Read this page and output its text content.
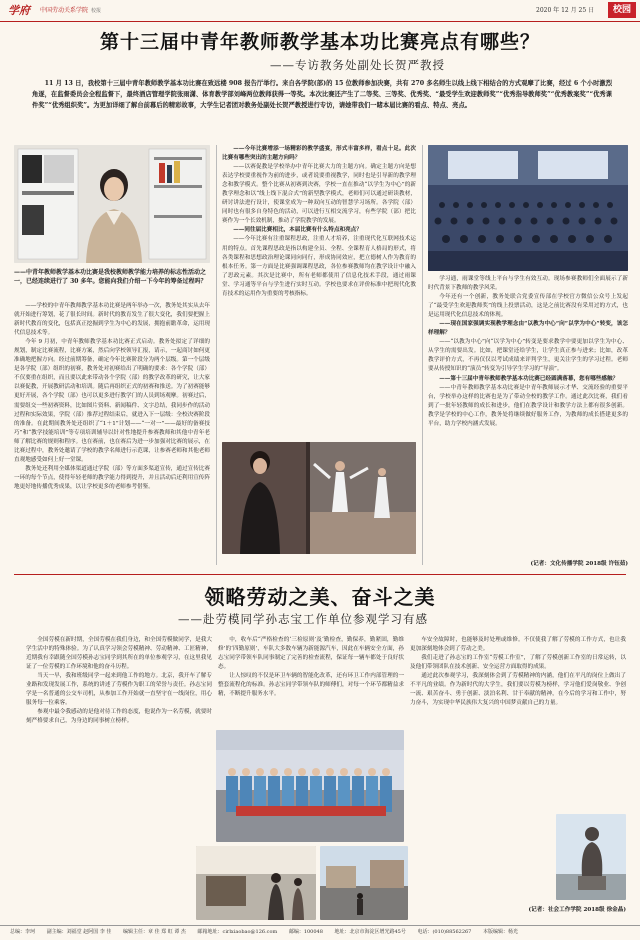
学府 中国劳动关系学院 校报	2020 年 12 月 25 日	校园
第十三届中青年教师教学基本功比赛亮点有哪些？
——专访教务处副处长贺严教授
11 月 13 日，我校第十三届中青年教师教学基本功比赛在致远楼 908 报告厅举行。来自各学院(部)的 15 位教师参加决赛，共有 270 多名师生以线上线下相结合的方式观摩了比赛，经过 6 个小时激烈角逐，在监督委员会全程监督下，最终酒店管理学院张雨潇、体育教学部刘峰两位教师获得一等奖。本次比赛还产生了二等奖、三等奖、优秀奖、“最受学生欢迎教师奖”“优秀指导教师奖”“优秀教案奖”“优秀课件奖”“优秀组织奖”。为更加详细了解台前幕后的精彩故事，大学生记者团对教务处副处长贺严教授进行专访，请她带我们一睹本届比赛的看点、特点、亮点。
——中青年教师教学基本功比赛是我校教师教学能力培养的标志性活动之一，已经连续进行了 30 多年。您能向我们介绍一下今年的筹备过程吗？

——学校的中青年教师教学基本功比赛是两年举办一次，教务处其实从去年就开始进行筹划，花了很长时间。新时代的教育发生了很大变化，我们要把握上新时代教育的变化，包括真正挖掘到学生为中心的发展，拥抱前瞻革命，运用现代信息技术等。

今年 9 月初，中青年教师教学基本功比赛正式启动。教务处拟定了详细的规划，制定比赛流程，比赛方案，然后向学校领导汇报，请示，一起商讨如何更准确地把握方向。经过前期筹备，确定今年比赛阶段分为两个层级。第一个层级是各学院（部）组织的初赛，教务处对初赛给出了明确的要求：各个学院（部）不仅要重在组织，而且要以此来带动各个学院（部）的教学改革的研究，让大家以赛促教，开展教研活动和培训。随后再组织正式的初赛和推送。为了初赛能够更好开展，各个学院（部）也可以更多进行教学门的人员到场观摩。初赛过后，需要组交一些初赛资料，比如图片资料、新闻稿件、文字总结，我同步作的活动过程和实际效果，学院（部）推荐过程结束后，就进入下一层级：全校决赛阶段的准备。在此期间教务处还组织了“1＋1”计划——“一对一”——最好的备赛技巧”和“教学技能培训”等专项培训辅导以针对性地提升参赛教师和其他中青年老师了解比赛的规则和程序。也在赛前，也在赛后为进一步加强对比赛的展示，在比赛过程中，教务处邀请了学校的教学名师进行示范课，让参赛老师和其他老师直观地感受如何上好一堂课。

教务处还利用全媒体渠道通过学院（部）等方面多渠道宣传，通过宣传比赛一环的每个节点，使得年轻老师的教学能力得到提升，并且活动后还利用宣传阵地更好地传播优秀成果，以让学校更多的老师参考借鉴。

——今年比赛增添一场精彩的教学盛宴，形式丰富多样，看点十足。此次比赛有哪些突出的主题方向吗？

——以赛促教是学校举办中青年比赛大力的主题方向。确定主题方向是想表达学校要重视作为前的进步，或者说要重视教学，同时也是引导新的教学理念和教学模式。整个比赛从初赛到决赛，学校一直在推动“以学生为中心”的新教学理念和以“线上线下混合式”的新型教学模式，老师们可以通过研读教材，研讨讲法进行设计，使课堂成为一种双向互动的智慧学习场所。各学院（部）同时也有很多自身特色的活动，可以进行互相交流学习，有些学院（部）把比赛作为一个长效机制，推动了学院教学的发展。

——同往届比赛相比，本届比赛有什么特点和亮点？

——今年比赛有注重课程思政，注重人才培养，注重现代化互联网技术运用的特点。首先课程思政是指以构建全员、全程、全课程育人格局的形式，将各类课程和思想政治理论课同向同行，形成协同效应，把立德树人作为教育的根本任务。第一方面是比赛强调课程思政，各位参赛教师均在教学设计中融入了思政元素。其次是比赛中，所有老师都使用了信息化技术手段，通过雨课堂、学习通等平台与学生进行实时互动。学校也要求在评价标准中把现代化教育技术的运用作为重要的考核指标。

学习通，雨课堂等线上平台与学生有效互动。现场参赛教师们全面展示了新时代背景下教师的教学风采。

今年还有一个创新，教务处联合党委宣传部在学校官方微信公众号上发起了“最受学生欢迎教师奖”的线上投票活动，这是之前比赛没有采用过的方式，也是运用现代化信息技术的体现。

——现在国家强调实现教学理念由“以教为中心”向“以学为中心”转变，该怎样理解？

——“以教为中心”向“以学为中心”转变是要求教学中要更加以学生为中心、从学生的需要出发。比如，把课堂还给学生，让学生真正参与进来；比如，改革教学评价方式，不再仅仅以考试成绩来评判学生，更关注学生的学习过程。老师要从传授知识的“演员”转变为引导学生学习的“导演”。

——第十三届中青年教师教学基本功比赛已经圆满落幕，您有哪些感触？

——中青年教师教学基本功比赛是中青年教师展示才华、交流经验的重要平台，学校举办这样的比赛也是为了带动全校的教学工作。通过此次比赛，我们看到了一批年轻教师的成长和进步，他们在教学设计和教学方法上都有很多创新。教学是学校的中心工作，教务处将继续做好服务工作，为教师的成长搭建更多的平台，助力学校内涵式发展。

(记者：文化传播学院 2018级 许钰茹)
领略劳动之美、奋斗之美
——赴劳模同学孙志宝工作单位参观学习有感

全国劳模在新时期，全国劳模在我们身边，和全国劳模做同学，是我大学生活中的特殊体验。为了认真学习领会劳模精神、劳动精神、工匠精神，近期我有幸跟随全国劳模孙志宝同学到其所在的单位参观学习，在这里我见证了一位劳模的工作环境和他的奋斗历程。

当天一早，我和班级同学一起来到他工作的地方。北京，我开车了解专业路和发现发展工作，系统的讲述了劳模作为职工的荣誉与责任。孙志宝同学是一名普通的公交车司机，从参加工作开始就一直坚守在一线岗位，用心服务每一位乘客。

参观中最令我感动的是他对待工作的态度，他说作为一名劳模，就要时刻严格要求自己，为身边的同事树立榜样。

中，收车后“严格检查的‘三检原则’及‘勤检查，勤保养，勤紧固，勤维修’的‘四勤原则’，车队大多数车辆为新能源汽车，因此在车辆安全方面，孙志宝同学带领车队同事制定了完善的检查流程，保证每一辆车都处于良好状态。

让人惊叹的不仅是环卫车辆的智能化改革，还有环卫工作内部管理的一整套流程化的标准。孙志宝同学带领车队的师傅们，对每一个环节都精益求精，不断提升服务水平。

车安全故障时，也能够及时处理或维修。不仅使我了解了劳模的工作方式，也让我更加深刻地体会到了劳动之美。

我们走进了孙志宝的工作室“劳模工作室”，了解了劳模创新工作室的日常运转，以及他们带领团队在技术创新、安全运营方面取得的成果。

通过此次参观学习，我深刻体会到了劳模精神的内涵，他们在平凡的岗位上做出了不平凡的业绩。作为新时代的大学生，我们要以劳模为榜样，学习他们爱岗敬业、争创一流、艰苦奋斗、勇于创新、淡泊名利、甘于奉献的精神，在今后的学习和工作中，努力奋斗，为实现中华民族伟大复兴的中国梦贡献自己的力量。

(记者：社会工作学院 2018级 徐金晶)
总编：李珂 副主编：刘福堂 赵阿国 李 佳 编辑主任：章 佳 郑 虹 谭 杰 邮箱地址：cirlxiaobao@126.com 邮编：100048 地址：北京市海淀区增光路45号 电话：(010)88562267 本版编辑：杨光
